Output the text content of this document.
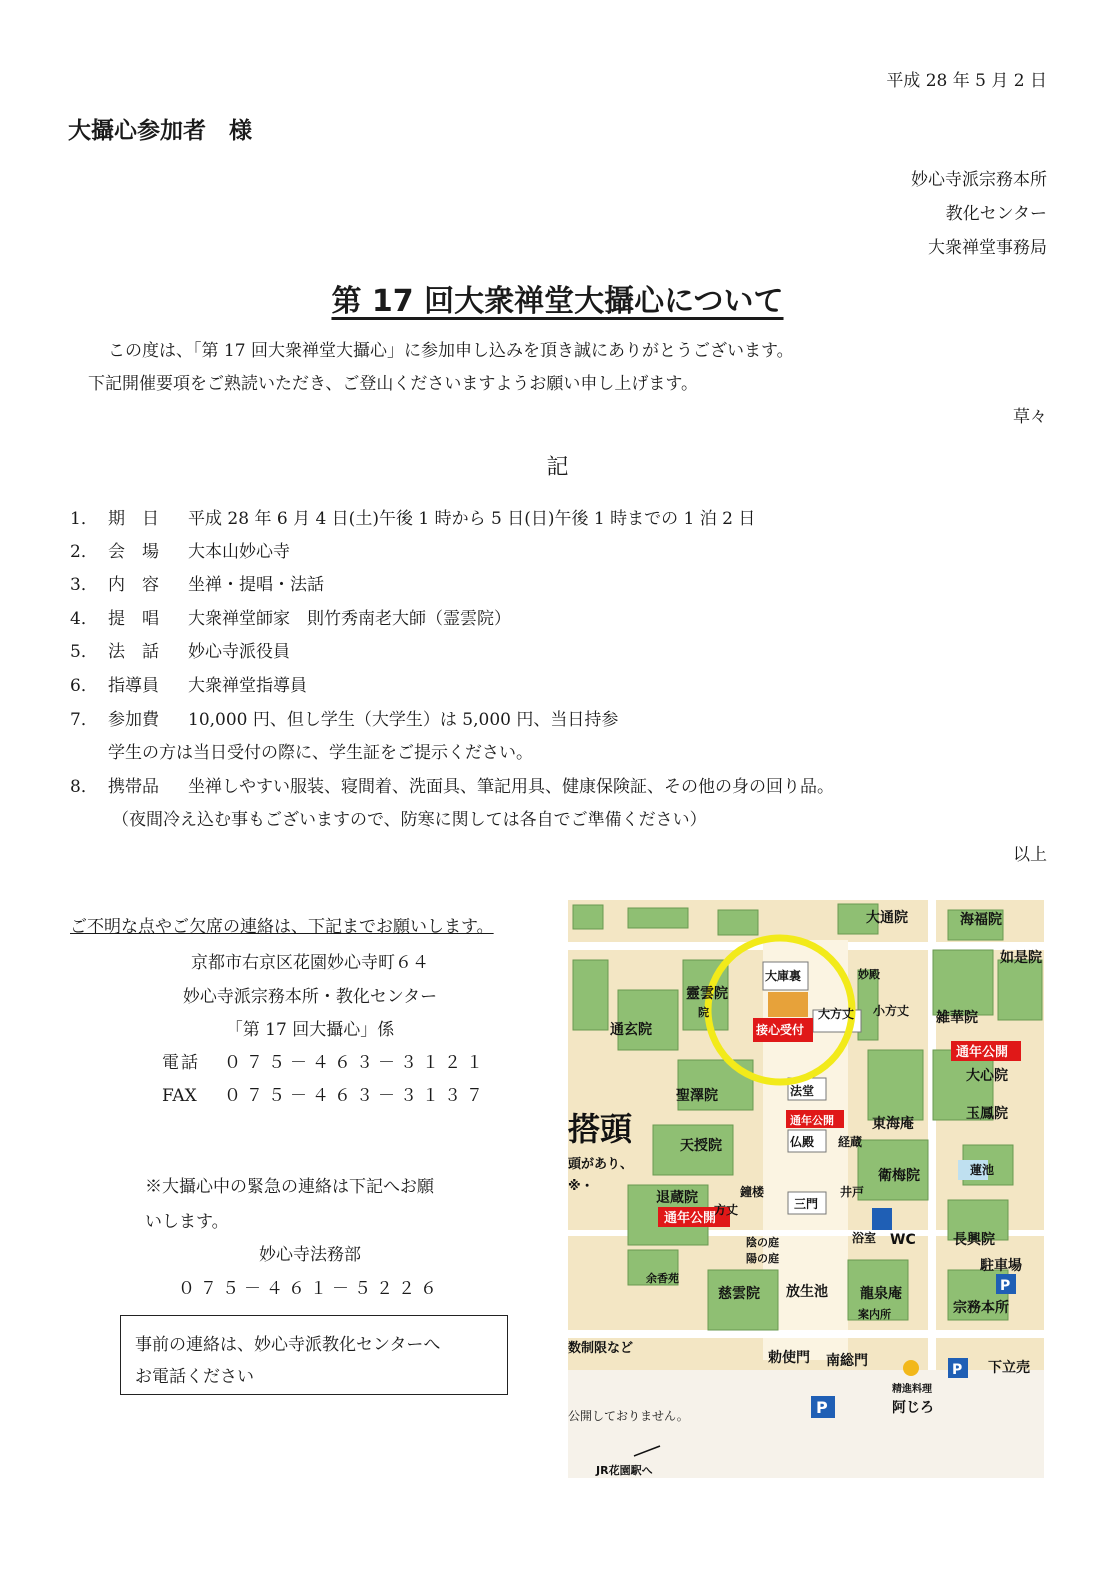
平成 28 年 5 月 2 日
大攝心参加者　様
妙心寺派宗務本所
教化センター
大衆禅堂事務局
第 17 回大衆禅堂大攝心について
この度は、「第 17 回大衆禅堂大攝心」に参加申し込みを頂き誠にありがとうございます。
下記開催要項をご熟読いただき、ご登山くださいますようお願い申し上げます。
草々
記
1． 期　日 平成 28 年 6 月 4 日(土)午後 1 時から 5 日(日)午後 1 時までの 1 泊 2 日
2． 会　場 大本山妙心寺
3． 内　容 坐禅・提唱・法話
4． 提　唱 大衆禅堂師家　則竹秀南老大師（霊雲院）
5． 法　話 妙心寺派役員
6． 指導員 大衆禅堂指導員
7． 参加費 10,000 円、但し学生（大学生）は 5,000 円、当日持参
学生の方は当日受付の際に、学生証をご提示ください。
8． 携帯品 坐禅しやすい服装、寝間着、洗面具、筆記用具、健康保険証、その他の身の回り品。
（夜間冷え込む事もございますので、防寒に関しては各自でご準備ください）
以上
ご不明な点やご欠席の連絡は、下記までお願いします。
京都市右京区花園妙心寺町６４
妙心寺派宗務本所・教化センター
「第 17 回大攝心」係
電話 ０７５－４６３－３１２１
FAX ０７５－４６３－３１３７
※大攝心中の緊急の連絡は下記へお願
いします。
妙心寺法務部
０７５－４６１－５２２６
事前の連絡は、妙心寺派教化センターへ
お電話ください
P
P
P
大通院	海福院
如是院
大庫裏	妙殿
靈雲院
院
接心受付
大方丈 小方丈
通玄院
雑華院
通年公開
大心院
法堂
聖澤院
通年公開	東海庵
玉鳳院
搭頭	天授院	仏殿 経蔵
頭があり、
※・
衛梅院	蓮池
退蔵院	鐘楼
三門
井戸
通年公開
方丈
浴室 WC	長興院
駐車場
陰の庭
陽の庭
余香苑
慈雲院 放生池 龍泉庵
案内所	宗務本所
数制限など
勅使門 南総門	下立売
精進料理
阿じろ
公開しておりません。
JR花園駅へ
